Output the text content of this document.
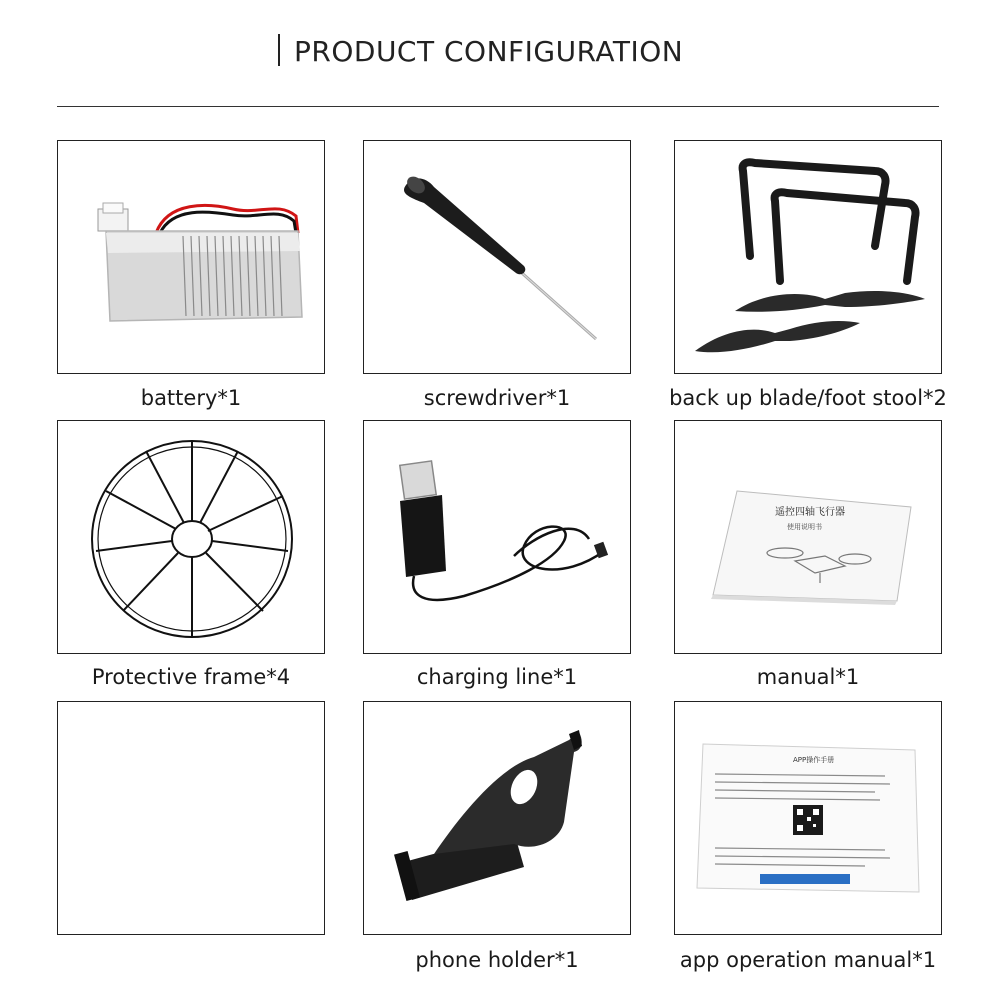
PRODUCT CONFIGURATION
battery*1	screwdriver*1	back up blade/foot stool*2
Protective frame*4	charging line*1
遥控四轴飞行器
使用说明书
manual*1
phone holder*1
APP操作手册
app operation manual*1
